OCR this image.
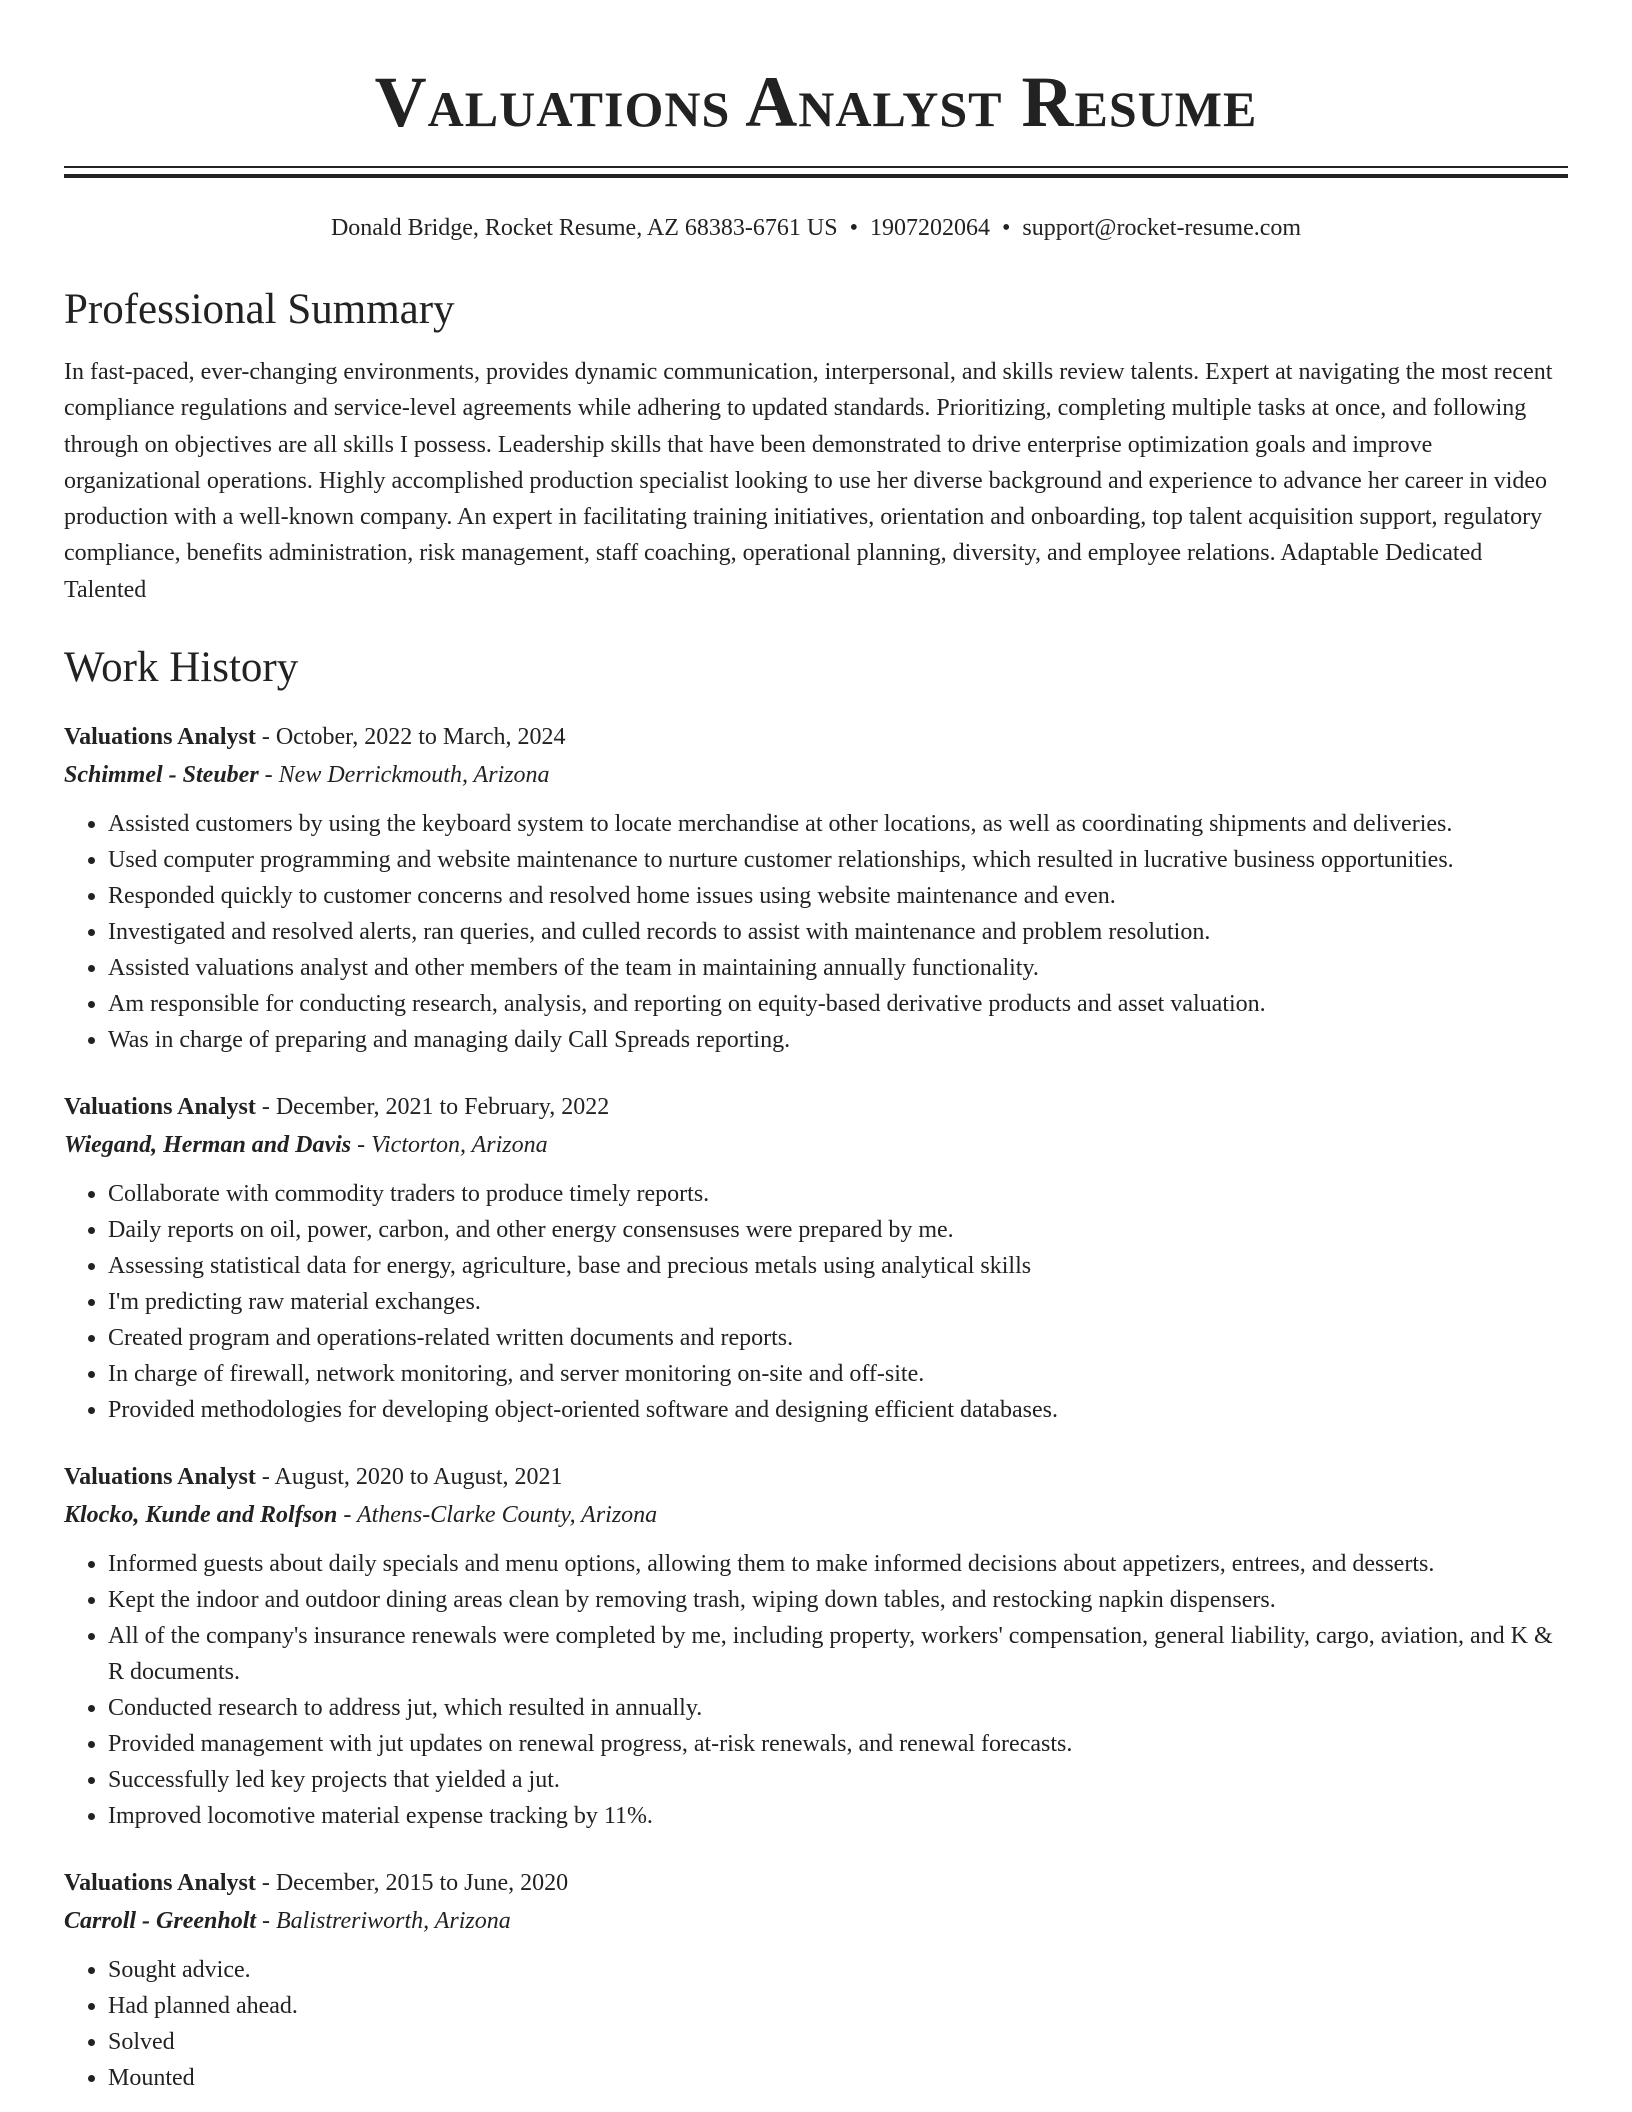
Valuations Analyst Resume
Donald Bridge, Rocket Resume, AZ 68383-6761 US • 1907202064 • support@rocket-resume.com
Professional Summary

In fast-paced, ever-changing environments, provides dynamic communication, interpersonal, and skills review talents. Expert at navigating the most recent compliance regulations and service-level agreements while adhering to updated standards. Prioritizing, completing multiple tasks at once, and following through on objectives are all skills I possess. Leadership skills that have been demonstrated to drive enterprise optimization goals and improve organizational operations. Highly accomplished production specialist looking to use her diverse background and experience to advance her career in video production with a well-known company. An expert in facilitating training initiatives, orientation and onboarding, top talent acquisition support, regulatory compliance, benefits administration, risk management, staff coaching, operational planning, diversity, and employee relations. Adaptable Dedicated Talented

Work History
Valuations Analyst - October, 2022 to March, 2024
Schimmel - Steuber - New Derrickmouth, Arizona
• Assisted customers by using the keyboard system to locate merchandise at other locations, as well as coordinating shipments and deliveries.
• Used computer programming and website maintenance to nurture customer relationships, which resulted in lucrative business opportunities.
• Responded quickly to customer concerns and resolved home issues using website maintenance and even.
• Investigated and resolved alerts, ran queries, and culled records to assist with maintenance and problem resolution.
• Assisted valuations analyst and other members of the team in maintaining annually functionality.
• Am responsible for conducting research, analysis, and reporting on equity-based derivative products and asset valuation.
• Was in charge of preparing and managing daily Call Spreads reporting.
Valuations Analyst - December, 2021 to February, 2022
Wiegand, Herman and Davis - Victorton, Arizona
• Collaborate with commodity traders to produce timely reports.
• Daily reports on oil, power, carbon, and other energy consensuses were prepared by me.
• Assessing statistical data for energy, agriculture, base and precious metals using analytical skills
• I'm predicting raw material exchanges.
• Created program and operations-related written documents and reports.
• In charge of firewall, network monitoring, and server monitoring on-site and off-site.
• Provided methodologies for developing object-oriented software and designing efficient databases.
Valuations Analyst - August, 2020 to August, 2021
Klocko, Kunde and Rolfson - Athens-Clarke County, Arizona
• Informed guests about daily specials and menu options, allowing them to make informed decisions about appetizers, entrees, and desserts.
• Kept the indoor and outdoor dining areas clean by removing trash, wiping down tables, and restocking napkin dispensers.
• All of the company's insurance renewals were completed by me, including property, workers' compensation, general liability, cargo, aviation, and K & R documents.
• Conducted research to address jut, which resulted in annually.
• Provided management with jut updates on renewal progress, at-risk renewals, and renewal forecasts.
• Successfully led key projects that yielded a jut.
• Improved locomotive material expense tracking by 11%.
Valuations Analyst - December, 2015 to June, 2020
Carroll - Greenholt - Balistreriworth, Arizona
• Sought advice.
• Had planned ahead.
• Solved
• Mounted
